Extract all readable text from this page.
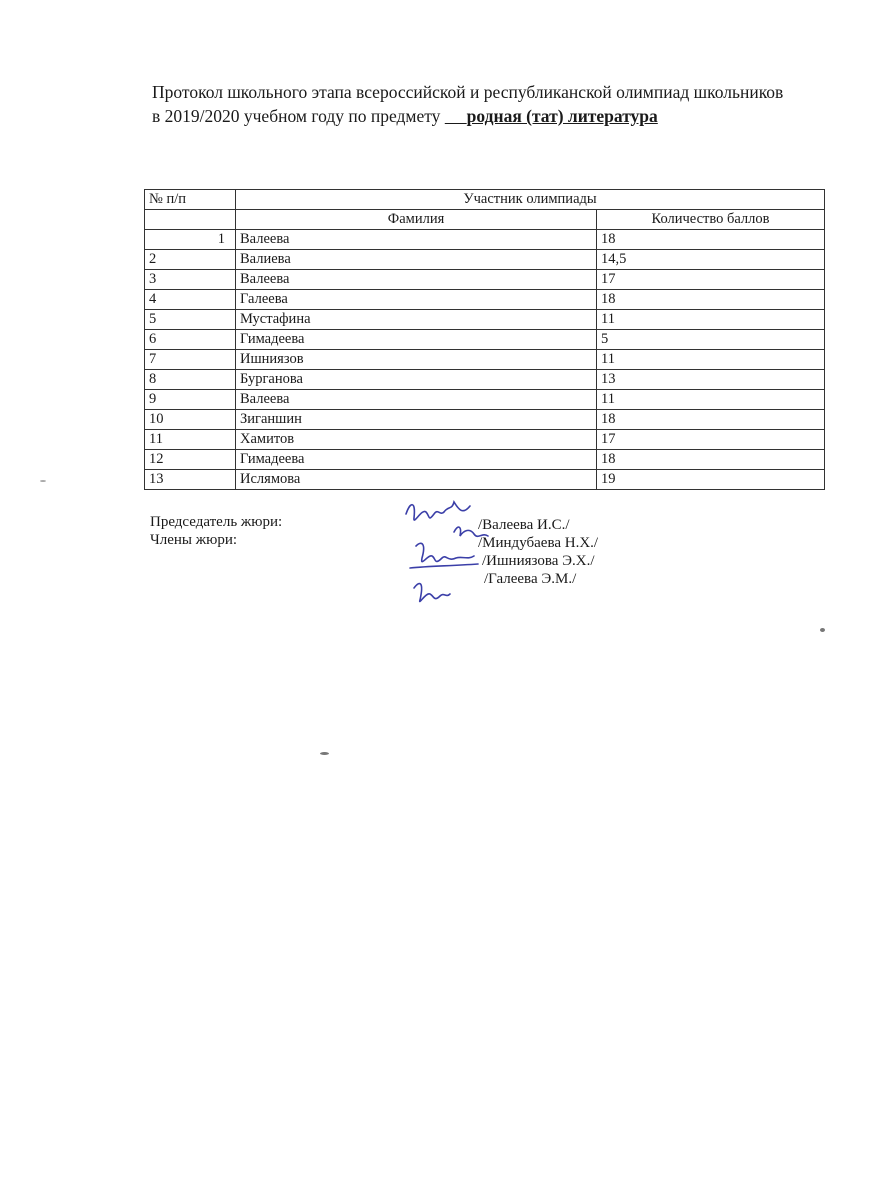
Протокол школьного этапа всероссийской и республиканской олимпиад школьников в 2019/2020 учебном году по предмету      родная (тат) литература
№ п/п	Участник олимпиады	
	Фамилия	Количество баллов
1	Валеева	18
2	Валиева	14,5
3	Валеева	17
4	Галеева	18
5	Мустафина	11
6	Гимадеева	5
7	Ишниязов	11
8	Бурганова	13
9	Валеева	11
10	Зиганшин	18
11	Хамитов	17
12	Гимадеева	18
13	Ислямова	19
Председатель жюри:
Члены жюри:
/Валеева И.С./
/Миндубаева Н.Х./
/Ишниязова Э.Х./
/Галеева Э.М./
